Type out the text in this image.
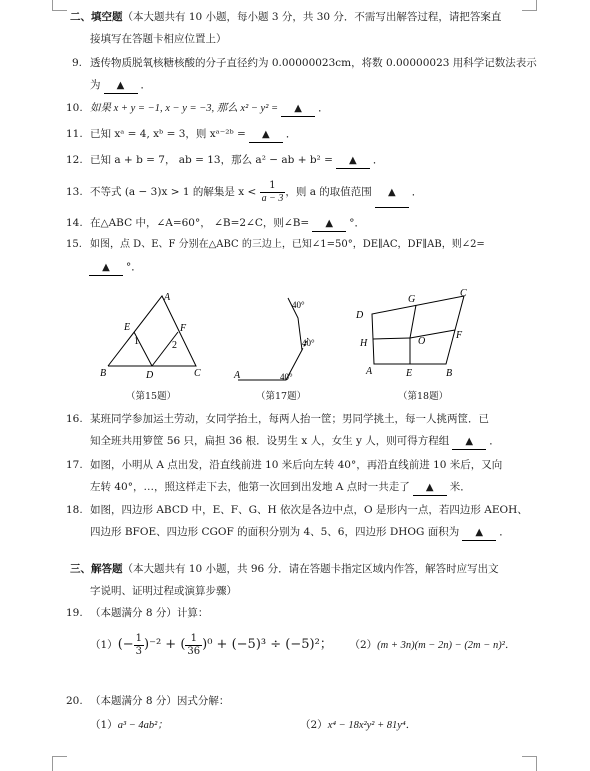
二、填空题（本大题共有 10 小题，每小题 3 分，共 30 分．不需写出解答过程，请把答案直
接填写在答题卡相应位置上）
9. 透传物质脱氧核糖核酸的分子直径约为 0.00000023cm，将数 0.00000023 用科学记数法表示
为 ▲ ．
10. 如果 x + y = −1, x − y = −3, 那么 x² − y² = ▲ ．
11. 已知 xᵃ = 4, xᵇ = 3，则 xᵃ⁻²ᵇ = ▲ ．
12. 已知 a + b = 7， ab = 13，那么 a² − ab + b² = ▲ ．
13. 不等式 (a − 3)x > 1 的解集是 $x < \frac{1}{a - 3}$ ，则 a 的取值范围 ▲ ．
14. 在△ABC 中，∠A=60°， ∠B=2∠C，则∠B= ▲ °．
15. 如图，点 D、E、F 分别在△ABC 的三边上，已知∠1=50°，DE∥AC，DF∥AB，则∠2=
▲ °．
A
E	F
1	2
B	D	C
（第15题）
40°
40°
A	40°
（第17题）
C
G
D
F
H	O
A	E	B
（第18题）
16. 某班同学参加运土劳动，女同学抬土，每两人抬一筐；男同学挑土，每一人挑两筐．已
知全班共用箩筐 56 只，扁担 36 根．设男生 x 人，女生 y 人，则可得方程组 ▲ ．
17. 如图，小明从 A 点出发，沿直线前进 10 米后向左转 40°，再沿直线前进 10 米后，又向
左转 40°，…，照这样走下去，他第一次回到出发地 A 点时一共走了 ▲ 米．
18. 如图，四边形 ABCD 中，E、F、G、H 依次是各边中点，O 是形内一点，若四边形 AEOH、
四边形 BFOE、四边形 CGOF 的面积分别为 4、5、6，四边形 DHOG 面积为 ▲ ．
三、解答题（本大题共有 10 小题，共 96 分．请在答题卡指定区域内作答，解答时应写出文
字说明、证明过程或演算步骤）
19. （本题满分 8 分）计算：
$(1)(- \frac{1}{3} )^{-2}$ + ( $\frac{1}{36} )^0 + (-5)^3 \div (-5)^2$； （2）(m + 3n)(m − 2n) − (2m − n)²．
20. （本题满分 8 分）因式分解：
（1）a³ − 4ab²；	（2）x⁴ − 18x²y² + 81y⁴．
